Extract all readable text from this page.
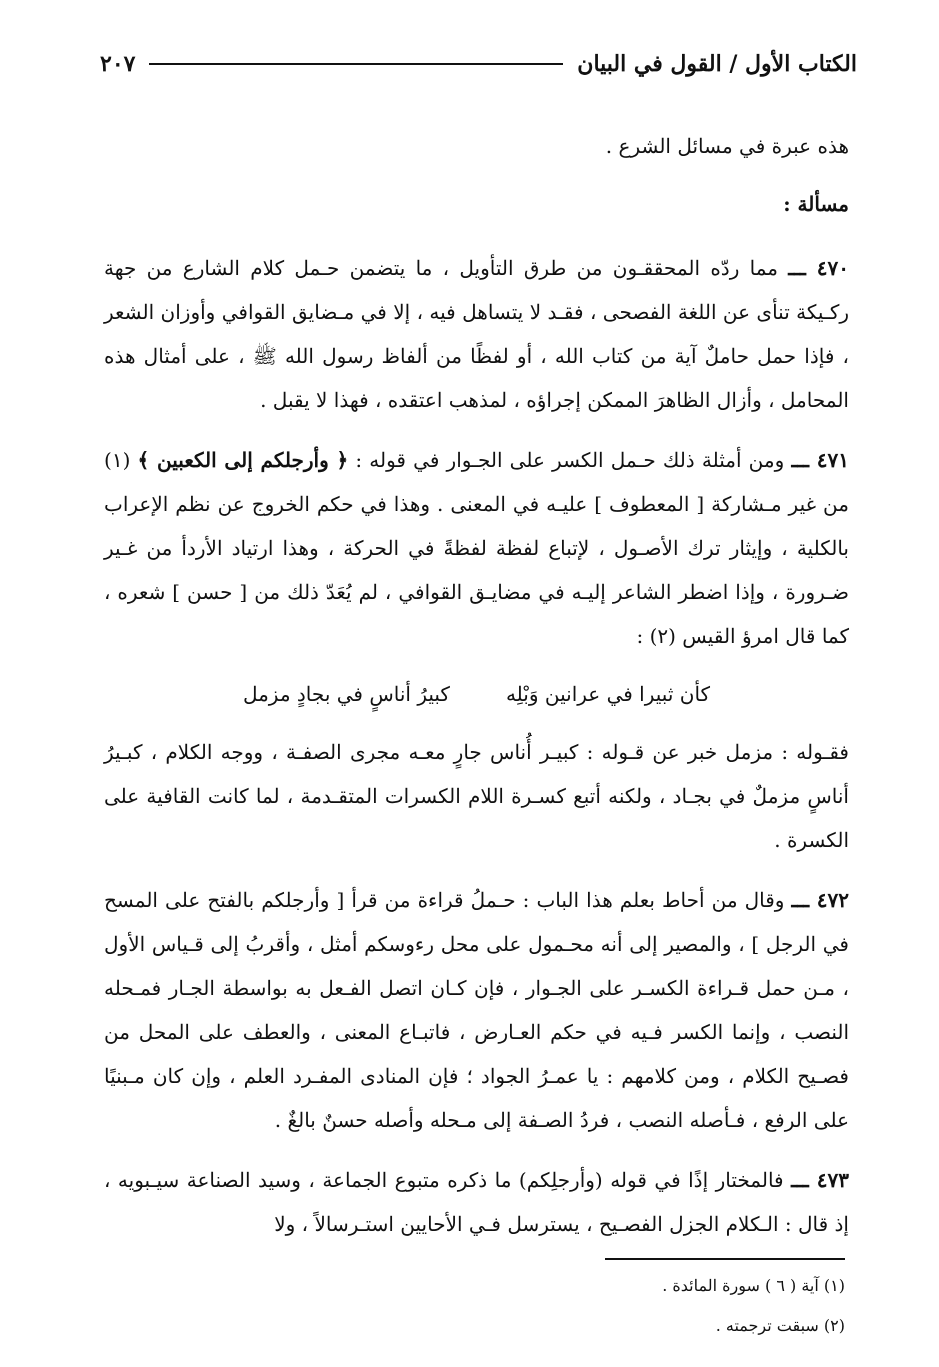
الكتاب الأول / القول في البيان
٢٠٧

هذه عبرة في مسائل الشرع .

مسألة :

٤٧٠ ـــ مما ردّه المحققـون من طرق التأويل ، ما يتضمن حـمل كلام الشارع من جهة ركـيكة تنأى عن اللغة الفصحى ، فقـد لا يتساهل فيه ، إلا في مـضايق القوافي وأوزان الشعر ، فإذا حمل حاملٌ آية من كتاب الله ، أو لفظًا من ألفاظ رسول الله ﷺ ، على أمثال هذه المحامل ، وأزال الظاهرَ الممكن إجراؤه ، لمذهب اعتقده ، فهذا لا يقبل .

٤٧١ ـــ ومن أمثلة ذلك حـمل الكسر على الجـوار في قوله : ﴿ وأرجلكم إلى الكعبين ﴾ (١) من غير مـشاركة [ المعطوف ] عليـه في المعنى . وهذا في حكم الخروج عن نظم الإعراب بالكلية ، وإيثار ترك الأصـول ، لإتباع لفظة لفظةً في الحركة ، وهذا ارتياد الأردأ من غـير ضـرورة ، وإذا اضطر الشاعر إليـه في مضايـق القوافي ، لم يُعَدّ ذلك من [ حسن ] شعره ، كما قال امرؤ القيس (٢) :

كأن ثبيرا في عرانين وَبْلِه
كبيرُ أناسٍ في بجادٍ مزمل

فقـوله : مزمل خبر عن قـوله : كبيـر أُناس جارٍ معـه مجرى الصفـة ، ووجه الكلام ، كبـيرُ أناسٍ مزملٌ في بجـاد ، ولكنه أتبع كسـرة اللام الكسرات المتقـدمة ، لما كانت القافية على الكسرة .

٤٧٢ ـــ وقال من أحاط بعلم هذا الباب : حـملُ قراءة من قرأ [ وأرجلكم بالفتح على المسح في الرجل ] ، والمصير إلى أنه محـمول على محل رءوسكم أمثل ، وأقربُ إلى قـياس الأول ، مـن حمل قـراءة الكسـر على الجـوار ، فإن كـان اتصل الفـعل به بواسطة الجـار فمـحله النصب ، وإنما الكسر فـيه في حكم العـارض ، فاتبـاع المعنى ، والعطف على المحل من فصـيح الكلام ، ومن كلامهم : يا عمـرُ الجواد ؛ فإن المنادى المفـرد العلم ، وإن كان مـبنيًا على الرفع ، فـأصله النصب ، فردُ الصـفة إلى مـحله وأصله حسنٌ بالغٌ .

٤٧٣ ـــ فالمختار إذًا في قوله (وأرجلِكم) ما ذكره متبوع الجماعة ، وسيد الصناعة سيـبويه ، إذ قال : الـكلام الجزل الفصـيح ، يسترسل فـي الأحايين استـرسالاً ، ولا

(١) آية ( ٦ ) سورة المائدة .

(٢) سبقت ترجمته .
